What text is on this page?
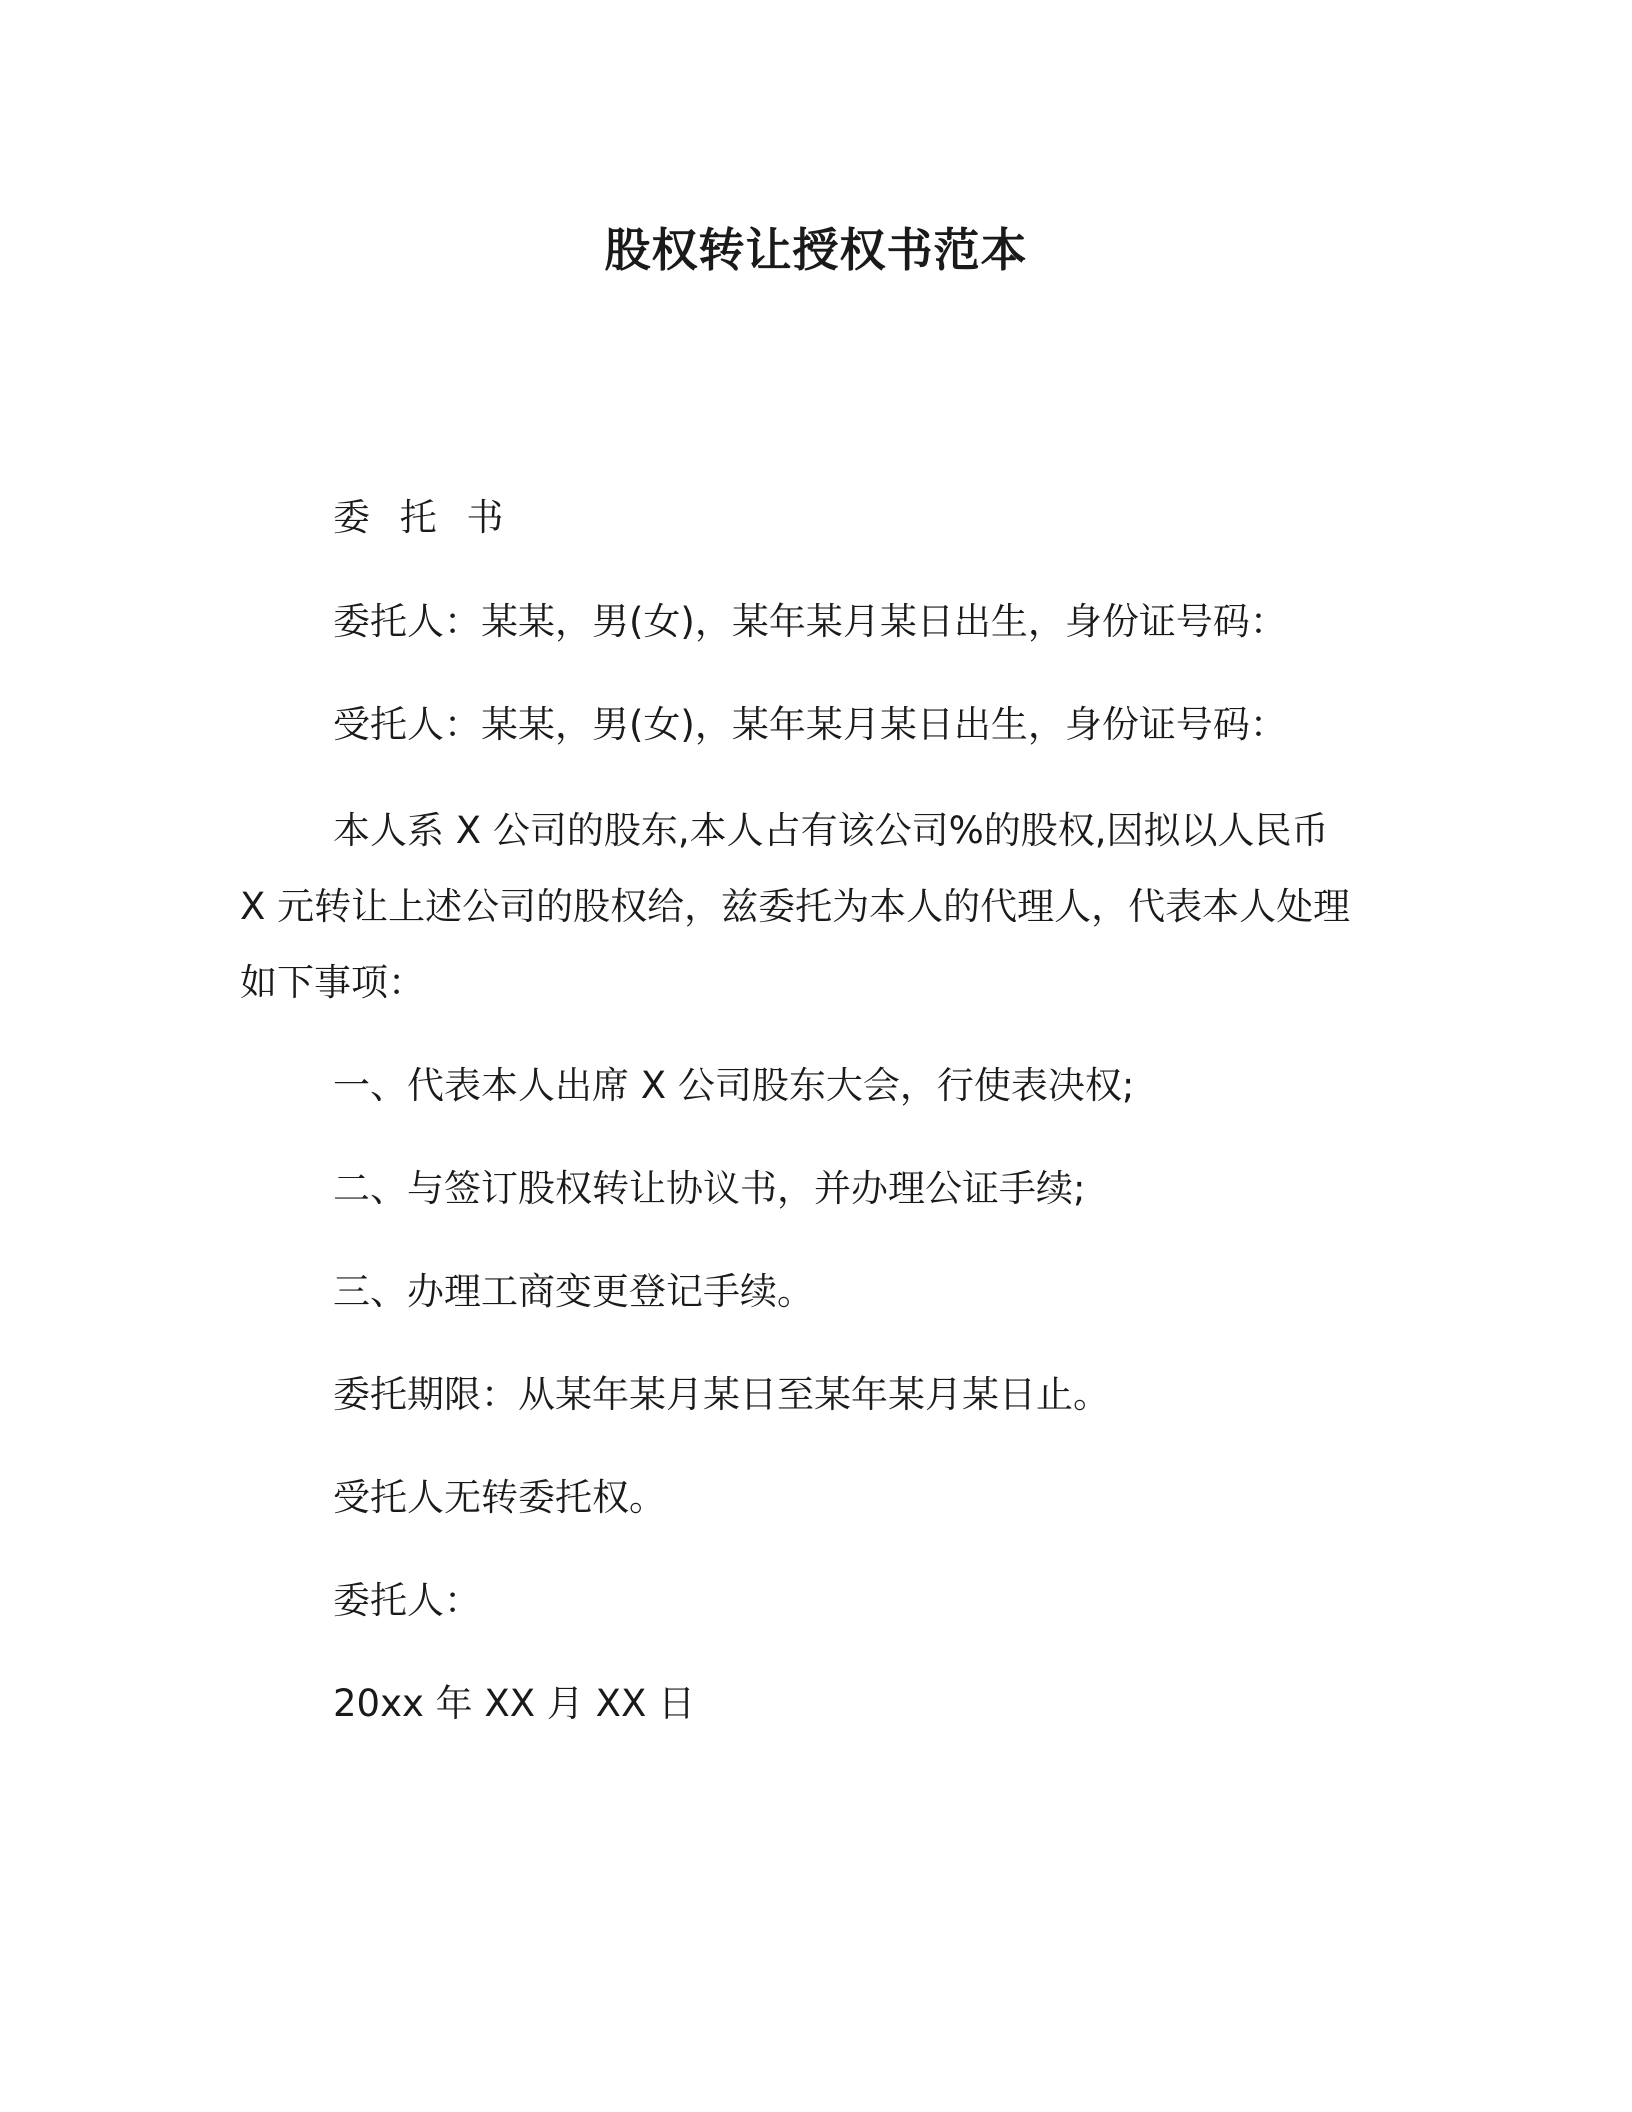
股权转让授权书范本
委 托 书
委托人：某某，男(女)，某年某月某日出生，身份证号码：
受托人：某某，男(女)，某年某月某日出生，身份证号码：
本人系 X 公司的股东,本人占有该公司%的股权,因拟以人民币 X 元转让上述公司的股权给，兹委托为本人的代理人，代表本人处理如下事项：
一、代表本人出席 X 公司股东大会，行使表决权;
二、与签订股权转让协议书，并办理公证手续;
三、办理工商变更登记手续。
委托期限：从某年某月某日至某年某月某日止。
受托人无转委托权。
委托人：
20xx 年 XX 月 XX 日
